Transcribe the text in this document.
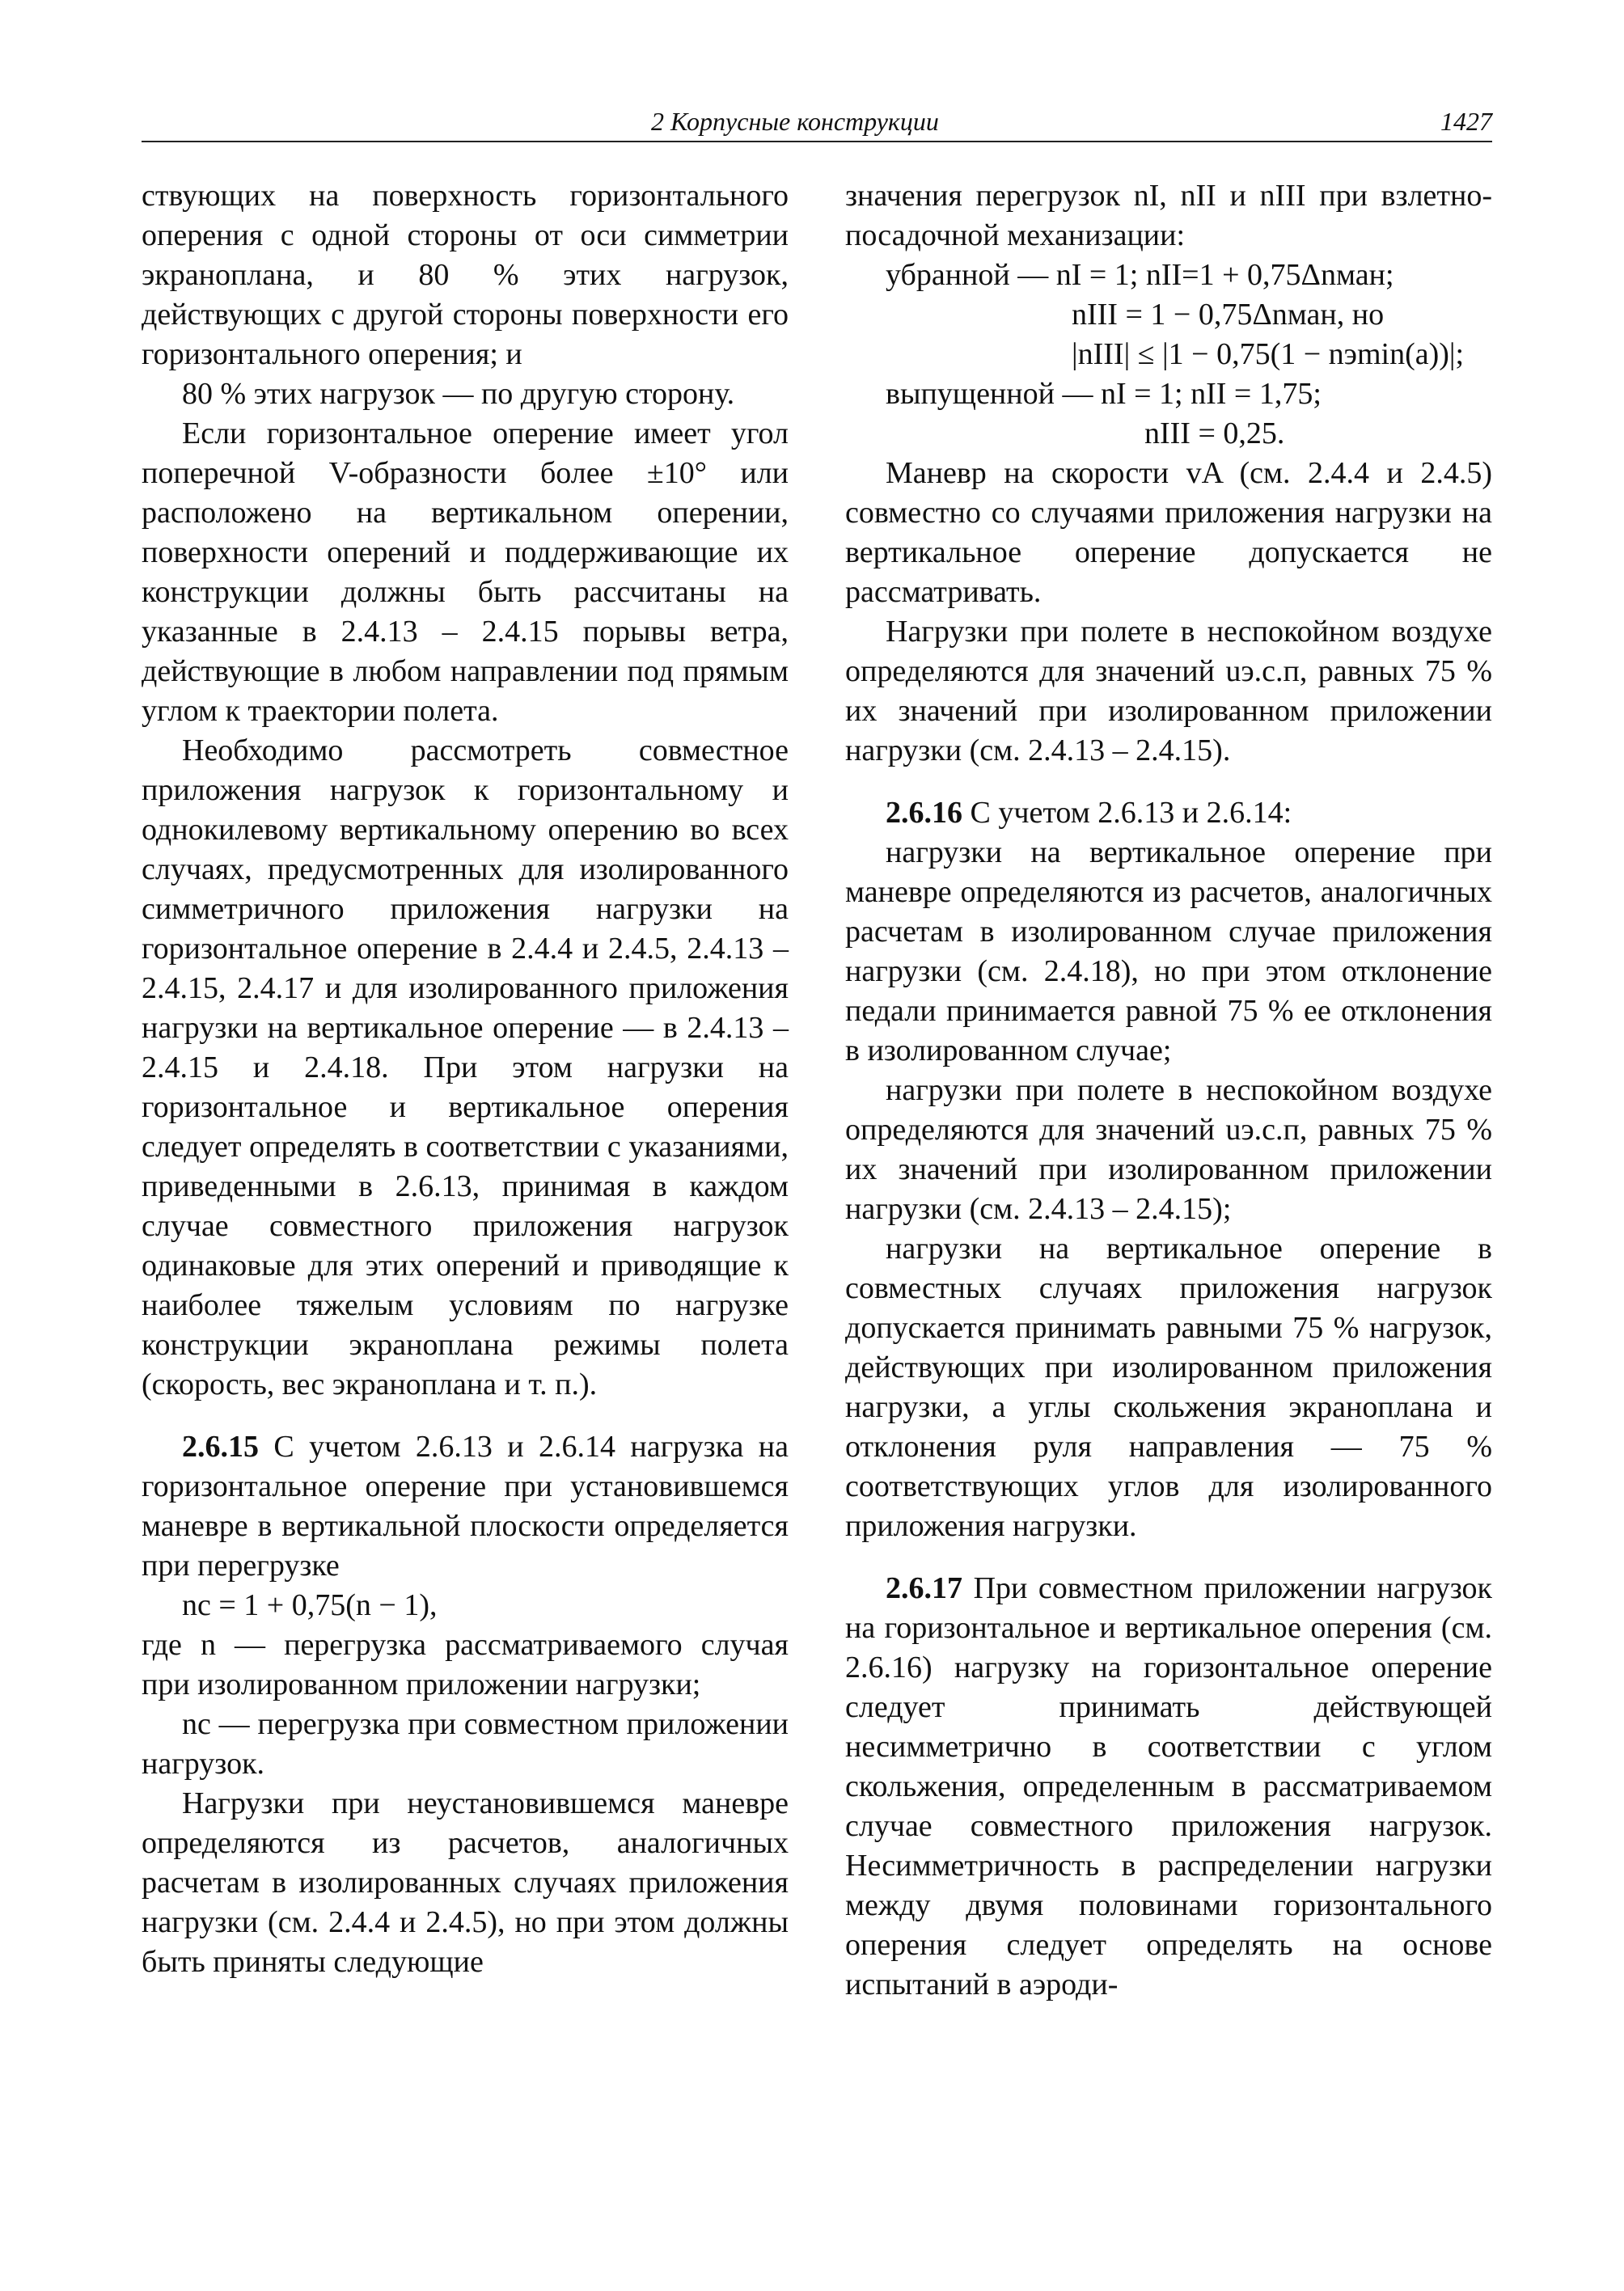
2 Корпусные конструкции	1427

ствующих на поверхность горизонтального оперения с одной стороны от оси симметрии экраноплана, и 80 % этих нагрузок, действующих с другой стороны поверхности его горизонтального оперения; и

80 % этих нагрузок — по другую сторону.

Если горизонтальное оперение имеет угол поперечной V-образности более ±10° или расположено на вертикальном оперении, поверхности оперений и поддерживающие их конструкции должны быть рассчитаны на указанные в 2.4.13 – 2.4.15 порывы ветра, действующие в любом направлении под прямым углом к траектории полета.

Необходимо рассмотреть совместное приложения нагрузок к горизонтальному и однокилевому вертикальному оперению во всех случаях, предусмотренных для изолированного симметричного приложения нагрузки на горизонтальное оперение в 2.4.4 и 2.4.5, 2.4.13 – 2.4.15, 2.4.17 и для изолированного приложения нагрузки на вертикальное оперение — в 2.4.13 – 2.4.15 и 2.4.18. При этом нагрузки на горизонтальное и вертикальное оперения следует определять в соответствии с указаниями, приведенными в 2.6.13, принимая в каждом случае совместного приложения нагрузок одинаковые для этих оперений и приводящие к наиболее тяжелым условиям по нагрузке конструкции экраноплана режимы полета (скорость, вес экраноплана и т. п.).

2.6.15 С учетом 2.6.13 и 2.6.14 нагрузка на горизонтальное оперение при установившемся маневре в вертикальной плоскости определяется при перегрузке

nс = 1 + 0,75(n − 1),

где n — перегрузка рассматриваемого случая при изолированном приложении нагрузки;

nс — перегрузка при совместном приложении нагрузок.

Нагрузки при неустановившемся маневре определяются из расчетов, аналогичных расчетам в изолированных случаях приложения нагрузки (см. 2.4.4 и 2.4.5), но при этом должны быть приняты следующие

значения перегрузок nI, nII и nIII при взлетно-посадочной механизации:

убранной — nI = 1; nII=1 + 0,75Δnман;

nIII = 1 − 0,75Δnман, но

|nIII| ≤ |1 − 0,75(1 − nэmin(a))|;

выпущенной — nI = 1; nII = 1,75;

nIII = 0,25.

Маневр на скорости vA (см. 2.4.4 и 2.4.5) совместно со случаями приложения нагрузки на вертикальное оперение допускается не рассматривать.

Нагрузки при полете в неспокойном воздухе определяются для значений uэ.с.п, равных 75 % их значений при изолированном приложении нагрузки (см. 2.4.13 – 2.4.15).

2.6.16 С учетом 2.6.13 и 2.6.14:

нагрузки на вертикальное оперение при маневре определяются из расчетов, аналогичных расчетам в изолированном случае приложения нагрузки (см. 2.4.18), но при этом отклонение педали принимается равной 75 % ее отклонения в изолированном случае;

нагрузки при полете в неспокойном воздухе определяются для значений uэ.с.п, равных 75 % их значений при изолированном приложении нагрузки (см. 2.4.13 – 2.4.15);

нагрузки на вертикальное оперение в совместных случаях приложения нагрузок допускается принимать равными 75 % нагрузок, действующих при изолированном приложения нагрузки, а углы скольжения экраноплана и отклонения руля направления — 75 % соответствующих углов для изолированного приложения нагрузки.

2.6.17 При совместном приложении нагрузок на горизонтальное и вертикальное оперения (см. 2.6.16) нагрузку на горизонтальное оперение следует принимать действующей несимметрично в соответствии с углом скольжения, определенным в рассматриваемом случае совместного приложения нагрузок. Несимметричность в распределении нагрузки между двумя половинами горизонтального оперения следует определять на основе испытаний в аэроди-
